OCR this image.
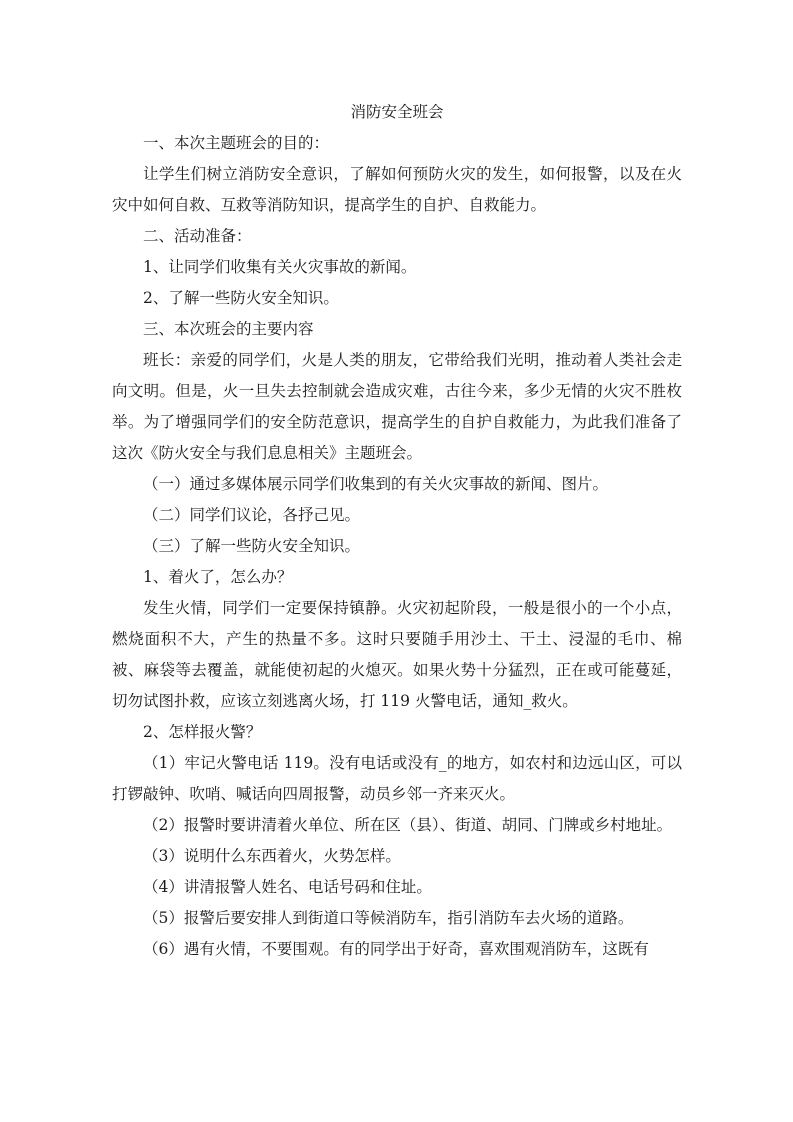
消防安全班会

一、本次主题班会的目的：

让学生们树立消防安全意识，了解如何预防火灾的发生，如何报警，以及在火灾中如何自救、互救等消防知识，提高学生的自护、自救能力。

二、活动准备：

1、让同学们收集有关火灾事故的新闻。

2、了解一些防火安全知识。

三、本次班会的主要内容

班长：亲爱的同学们，火是人类的朋友，它带给我们光明，推动着人类社会走向文明。但是，火一旦失去控制就会造成灾难，古往今来，多少无情的火灾不胜枚举。为了增强同学们的安全防范意识，提高学生的自护自救能力，为此我们准备了这次《防火安全与我们息息相关》主题班会。

（一）通过多媒体展示同学们收集到的有关火灾事故的新闻、图片。

（二）同学们议论，各抒己见。

（三）了解一些防火安全知识。

1、着火了，怎么办？

发生火情，同学们一定要保持镇静。火灾初起阶段，一般是很小的一个小点，燃烧面积不大，产生的热量不多。这时只要随手用沙土、干土、浸湿的毛巾、棉被、麻袋等去覆盖，就能使初起的火熄灭。如果火势十分猛烈，正在或可能蔓延，切勿试图扑救，应该立刻逃离火场，打 119 火警电话，通知_救火。

2、怎样报火警？

（1）牢记火警电话 119。没有电话或没有_的地方，如农村和边远山区，可以打锣敲钟、吹哨、喊话向四周报警，动员乡邻一齐来灭火。

（2）报警时要讲清着火单位、所在区（县）、街道、胡同、门牌或乡村地址。

（3）说明什么东西着火，火势怎样。

（4）讲清报警人姓名、电话号码和住址。

（5）报警后要安排人到街道口等候消防车，指引消防车去火场的道路。

（6）遇有火情，不要围观。有的同学出于好奇，喜欢围观消防车，这既有
